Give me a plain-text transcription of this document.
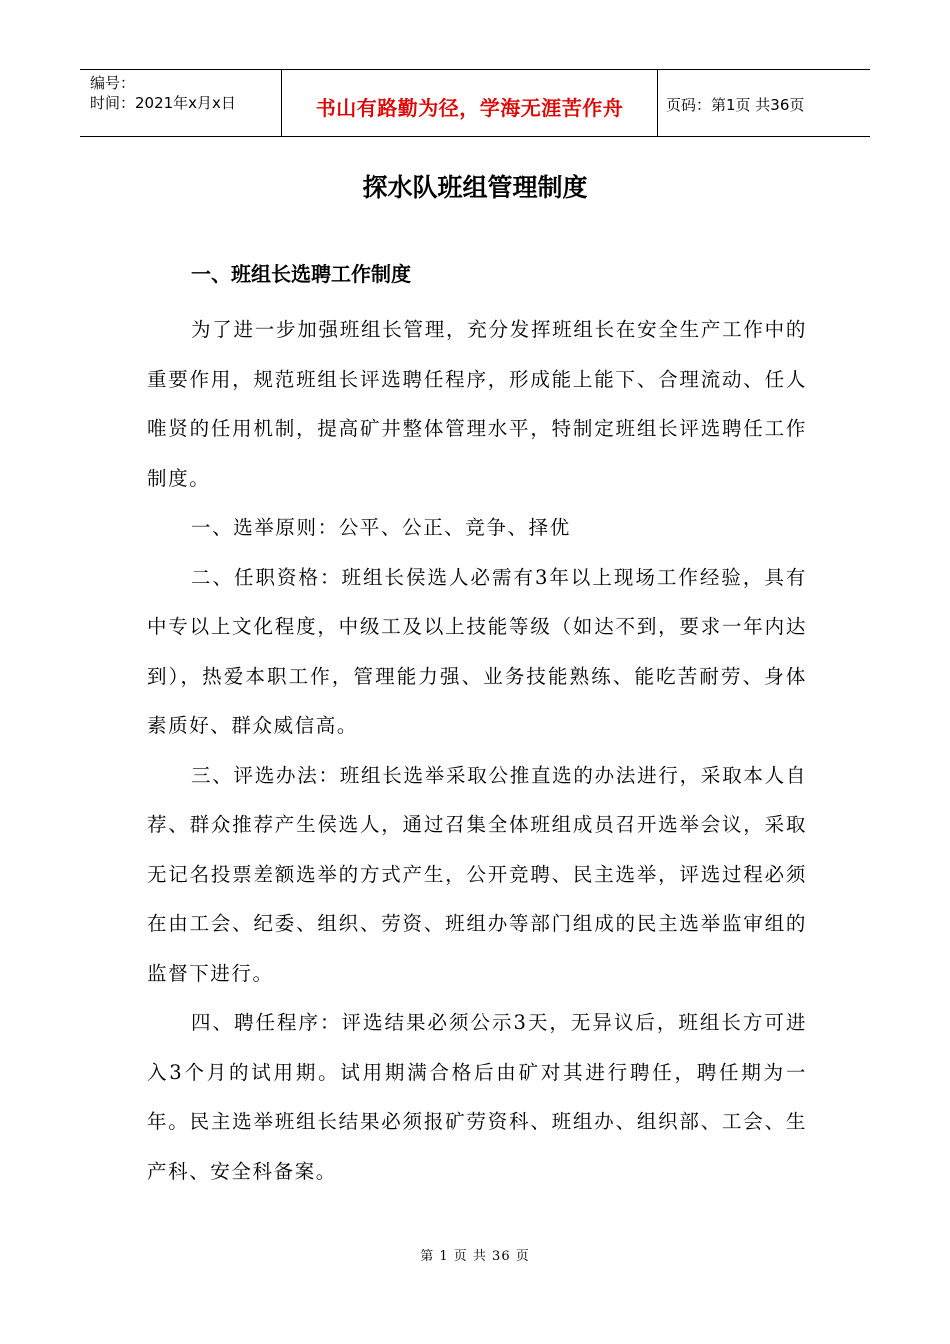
编号：
时间：2021年x月x日	书山有路勤为径，学海无涯苦作舟	页码：第1页 共36页
探水队班组管理制度
一、班组长选聘工作制度

为了进一步加强班组长管理，充分发挥班组长在安全生产工作中的重要作用，规范班组长评选聘任程序，形成能上能下、合理流动、任人唯贤的任用机制，提高矿井整体管理水平，特制定班组长评选聘任工作制度。

一、选举原则：公平、公正、竞争、择优

二、任职资格：班组长侯选人必需有3年以上现场工作经验，具有中专以上文化程度，中级工及以上技能等级（如达不到，要求一年内达到），热爱本职工作，管理能力强、业务技能熟练、能吃苦耐劳、身体素质好、群众威信高。

三、评选办法：班组长选举采取公推直选的办法进行，采取本人自荐、群众推荐产生侯选人，通过召集全体班组成员召开选举会议，采取无记名投票差额选举的方式产生，公开竞聘、民主选举，评选过程必须在由工会、纪委、组织、劳资、班组办等部门组成的民主选举监审组的监督下进行。

四、聘任程序：评选结果必须公示3天，无异议后，班组长方可进入3个月的试用期。试用期满合格后由矿对其进行聘任，聘任期为一年。民主选举班组长结果必须报矿劳资科、班组办、组织部、工会、生产科、安全科备案。

第 1 页 共 36 页
